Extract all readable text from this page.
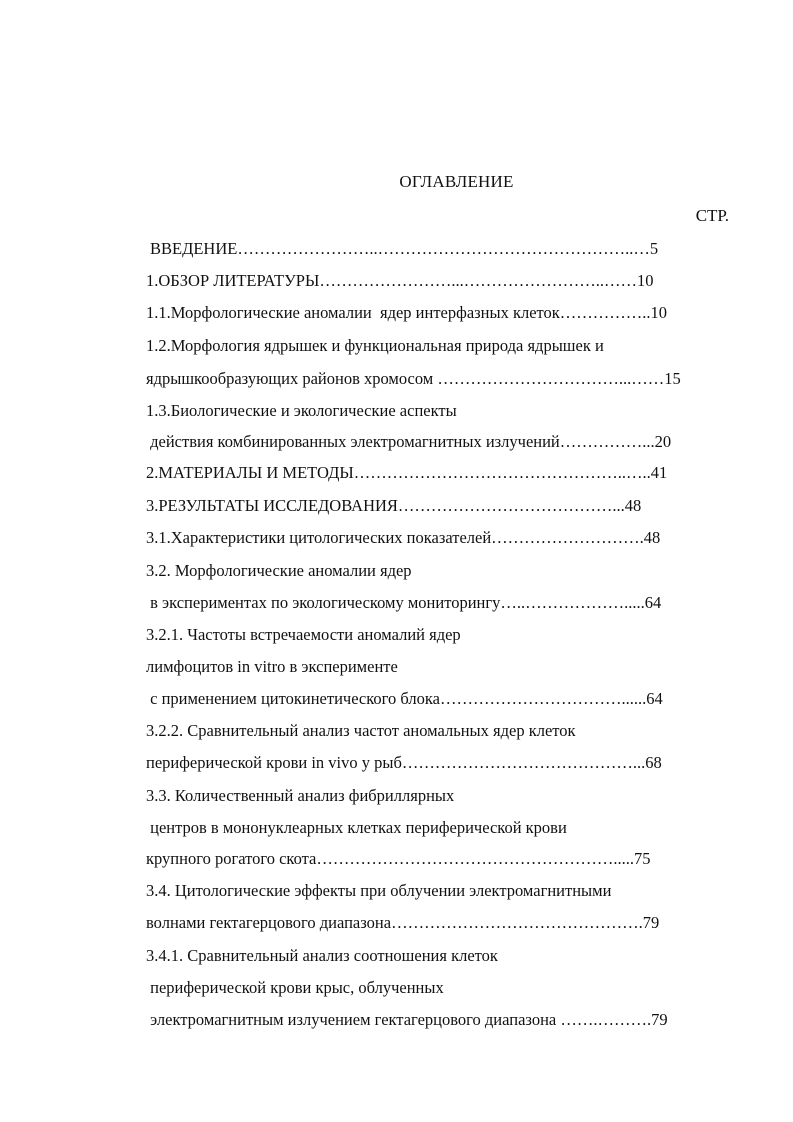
ОГЛАВЛЕНИЕ
СТР.
ВВЕДЕНИЕ……………………..………………………………………..…5
1.ОБЗОР ЛИТЕРАТУРЫ……………………...……………………..……10
1.1.Морфологические аномалии  ядер интерфазных клеток……………..10
1.2.Морфология ядрышек и функциональная природа ядрышек и
ядрышкообразующих районов хромосом ……………………………...……15
1.3.Биологические и экологические аспекты
действия комбинированных электромагнитных излучений……………...20
2.МАТЕРИАЛЫ И МЕТОДЫ…………………………………………..…..41
3.РЕЗУЛЬТАТЫ ИССЛЕДОВАНИЯ…………………………………...48
3.1.Характеристики цитологических показателей……………………….48
3.2. Морфологические аномалии ядер
в экспериментах по экологическому мониторингу…..……………….....64
3.2.1. Частоты встречаемости аномалий ядер
лимфоцитов in vitro в эксперименте
с применением цитокинетического блока……………………………......64
3.2.2. Сравнительный анализ частот аномальных ядер клеток
периферической крови in vivo у рыб……………………………………...68
3.3. Количественный анализ фибриллярных
центров в мононуклеарных клетках периферической крови
крупного рогатого скота……………………………………………….....75
3.4. Цитологические эффекты при облучении электромагнитными
волнами гектагерцового диапазона……………………………………….79
3.4.1. Сравнительный анализ соотношения клеток
периферической крови крыс, облученных
электромагнитным излучением гектагерцового диапазона …….……….79
